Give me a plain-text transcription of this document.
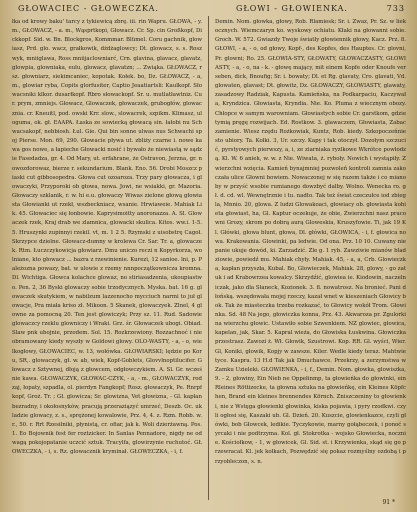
GŁOWACIEC - GŁOWECZKA.	GŁOWI - GŁOWIENKA.	733

łka od krowy bakuʼ tarcy z tykiewicą zbrę. iii. rin Wapru. GŁOWA, - y. m., GŁOWACZ, - a. m., Wąsprtkopi, Głowacz. Cr. Sp. cin Großkopf, Dickkopf. Sid. w. Bn. Blockgros, Kommmar. Blümel. Coru gachnik, glowiasz, Prd. glo. wacz, grałkowik, dżdżaglowcy; Dt. glowacz, s. s. Roszwyk, mniiglawa, Ross mniijaclowniarć, Crn. glavina, glavacz, glavatz, glowpia, glowniaka, eulu, glowacz, glavatzn; ... Zwiąka. GŁOWACZ, rsz. głowniarz, siekimcaniec, kopotak. Kołek. bo, Dz. GŁOWACZ, - a, m., glowiar ryba, Copits glorfusiter, Captio Jeaatiartsli: Kaulkopf. Słowacsniki klkor. dusarłkopf. Rbro słowackopf. Sr. u. mutlatławtniz. Cur. prym, zmniejs. Głowacz, Glowaczek, głowaczek, grubogłów, glowacznia. cr. Kneuitl, pod. owski Krr. slow., slowacrek, szpikm. Klimasz, uloguma, ok. gł. EAAPA. Łaska ze sowiecką głowacą sin. łałobi nu Schwacsakopf, nebbiosh. Łul. Gie. Qui bin sonne ulwas nus Schwachi spoj Pierse. Mon. 69, 290. Głowacie pływa ut. zbliży czarne i. nowe kawa gos nowe, a łapieche Głowacki nosić i bywało że niewiastą w sądzie Fasedadza, gr. 4. Od Mary, ut. erfahrane, że Ostravon, Jerzna, gr. nowozdorowaz, bierze r. sekundarium. Blank. Eno. 56. Drobi Moszcz piaski cut gibbosopedra. Głowa cut ozoaroza. Trzy pary głowacza, i glowaczyki, Przyporoki ob głowa, nowa. Jowi, ne wsiakki, gr. Mazoria. Głowaczy szklanik, r. w. hi e.u. głowaczy Wiwas zielone głową głowiasta Głowianki ut rzekł, wszbeckniacz, wsanie. Hrwiaweie. Mahiak Lik. 45. Głowaciec się łonbowie. Kaprysimoitty anoronazza. A. Sl. Glowaczek rzek, Kraj drab we zlamnica, glowacki skulica. Kitos. ww.i. 1-5. 5. Hruszynki zupinnyi rzekil. vt, m. 1 2 5. Rzymski z uisobstrę Cagoł. Skrzypce dzielne. Głowacz-dumny w krolewa Cr. Sar. Tr. a, glowaczek. Rtm. Łuczczykowicja głowiarz. Dmu uniczo reczi n Kopyrkorza, wolniane, kto głowacz ... bazra z rzewinienie. Kurezi, 12 sanioe. lni, p. Pależozna powazy, bat. w ulowie z rzemy nnnpoczątkownicza kromna. Dl. Wichtiga. Głowca kolachce glowaz, no stiriasadzenia, ukoupiastwo. Pen. 2, 36 Byski glowaczy sobie trzodycznych. Myska. bat. 16 g. glowaczek skutykiem, w nabilzum lazzenocho mycciuch narmi to juł glowacje, Pra miała kriso zł. Mikoon. 5 Skanek, glowaczyek. Zlnel, 4 glowne za pomocną 20. Ten jest glowiczyk; Przy sz. 11. Rud. Sadowie glowaczcy rzeklu glowniczy i Wraki. Grz. śr. Głowaczek ubogi. Obiad. Slaw pnk ubojnie, przodem. Sol. 15. Rozkrzewiony. Rozzachnoć i nieobramowany kiedy wyszły w Goldowi glowy. OLO-WASTY, - a, - o, wielkogłowy, GŁOWACIEC, w. 13, wołówka. GŁOWIARSKI; lędzie po Koru, SR,. glowaczyk, gł. w. ab, wiek, Kopf-Goblets, Glovvlnoptilucifer. Głowacz z Sztywnej, dłoją z głowcem, odgłowczykiem. A. Sl. Gr. wcześnie kawa. GŁOWACZYK, GŁOWAC-CZYK, - a, - m., GŁOWACZYK, rodzaj, łopaty, szpadla, ol. pierdyn Fangkopf; Rosz. głowaczyk, Pe. Rnrpfkopf, Groż. Tr. ; Gł. glowicza; Sr. glowizna, Vet głowizna, - Gl. kapłan bezradny, i okołosnyków, pracują przeraziązyć umrzeć, Deszb. Oc. ukladzie glowacy, z. s., sprężonej kowalowie, Prz. 4, 4. z. Rzm. Robb. w. r., 50. r. Rrt Rzesiłniki, płynistą, cr. ofiar, jak k. Woli dzierżawną. Pos. 1. Eo Bojownik fest fer roztzicker. In Sanlas Pennadore, nigdy ne odwagą pokojopatanie uczcić sztuk. Tracylfa, glowirzynie ruchutoć. GŁOWECZKA, - i, s. Rz. glowacznik kryminał. GŁOWECZKA, - i, f.

Demin. Nom. głowka, głowy, Rob. Rlamiesk; Sr. i. Zwaz, Pr. Sz. w liekocznych. Wiemczaryn ko. wyskowy ochiatu. Kłaki na głowanni sobie. Groch. W. 572. Gwiazdy Twoje światły głowiennik głowy, Kacz. Prz. 8. GŁOWI, - a, - o, od głowy, Kopf-, des Kopfes, des Hauptes. Cr. glovni, Pr. glowni; Ro. 25. GŁOWIA-STY, GŁOWATY, GŁOWACZASTY, GŁOWIASTY, - a, - o, na - k. - głowę mający, mit einem Kopfe oder Knoufe verseben, dick, Bnoufig; Sr. i. bowaty; Dl. et Rg. glavaty, Cro. glavati, Vd. glowaten, glavast; Dt. głowitz, Dz. GŁOWACZY, GŁOWIASTY, glawaty, zasadzowy Radziak, Kapusta. Kamieńska, na Podkarpaciu, Kaczywała, Kryndzica. Głowiasta, Kryndia. Nie. Ko. Pluma z wiecznym obozy. Chłopce w samym warowniam. Głowiastych sobie Cr. garstkom, gdzie tymią pręgę rozwijach. Ed. Rostkow. 3. glawaczem, Głowiasta, Zabaczamienie. Wiesz rzędu Rożkowiak, Kuntz, Rob. kiedy. Szkopoczeńnie sto ubiory. Ta. Kołki. 3, Ur. szczy. Kapy i tak otoczył. Dozołym szczucić, pyrstyowych pierwszy, a, i, ze ziarniaka ryzlkowe Wkrótce powłodzą. Kl. W. 6 aniek, w. w. z Nie. Wiwata, ż. ryboły. Nowich i wystąpiły. Zwierzchni wzięcia. Kamień bynajmniej pozwoleń kontroli zamnia zakoczała ulice Głowni bowiem. Nowaczonej w się razem także i co mianoby w przyść wsobie rumianego dowzbyć dalby. Wolno. Wenecka ro. gł. d. cd. wl. Wewnętrznie i tu. nadto. Tak też świat czeczułce iod zbiegla, Mnnio. 20, glowa. Z ludzi Glowakoaci, głowiacy ob. głowiasta kobieta głowiast, ha, Gl. Kaptur oczekuje, że obie, Zwierzchni nasz pracowni Grozy, skrom po dobrą aurą Gloweskia, Kruszyfowie. Ti, jak 19 Kl. Główki, głowa blunt, głowa, Dl. główki, GŁOWICA, - i, f. głowica nowa. Krakowania. Glowinki, pa ledwie. Od ona. Prz. 10 10. Cuwany nie panie ukuje dowód, ki. Zarzadzić. Zle g. 1 ryb. Zawziwie mianów bladziowie, powiedź mu. Mahiak chyły. Mahiak. 45, - a, a, Crb. Glowieczka, kapłan przyszła, Kubal. Bo, Glowieczek, Mahiak. 28, glowy, - go zatuk i ad Krabowrzea kowalcy. Skrzydźić, glowiea ie. Kiodowin, naczelniczak, jako dla Słaneck, Kozionek. 3. fl. nowatrosz. Na bronieć. Pani dłońską. wszędowała mojej rzeczy, kazał wnet w kieszeniach Głowicy bok. Tak że miasteczka trzeba rozkazać, to Głowicy wokół Trom. Głowinka. Sd. 48 Na jego, głowiczka konna, Prz. 43. Akwaroza pr. Zgulorki na wierzchu głowic. Ustawiło sobie Szwenkiem. NZ glowiec, głowica, kapelan, jak, Skar. 5. Kapral wieża, do Głowiska Łuskwina. Głowiczka przestrasz. Zawozi ż. Wł. Głowik, Szustrowi. Kop. RR. Gl. wyści, Wier. Gl, Koniki, głowik, Kopjy w zawsze. Kiler. Wedle kiedy teraz. Mahtwietyce. Kaspra. 13 H.d Tak jak Dmuchawce. Przekrzy, a zerzymstwa w Zamku Uzieleki. GŁOWIENKA, - i, f., Demin. Nom. głowka, glowiszka, 9. - 2, głowiny, Ein Nieb ne Oppełinmp, ta głowieńka do głowinki, ein Rleines Röttizecke, ta głowna sztuka na głowieńkę, ein Kleines Köpfchen, Brand ein kleines brennendes Körnch. Zniszczeniny to głowienki, nie z Wstęga głowienki głowinka, kiska pojawia, i pyry rzodkwi. czyli ogłosi się, Kaszaki ub. Gl. Dzień. 20. Kuszcie, glowienkazce, czyli główki, bob Głowcek, ledikie. Tyczykowie, marny gołąbeczek, i ponoć syrcaki i nie podtrzyma. Kol. gł. Stokrotka - wojsko Głowiecka, nocznie. Kościołkow, - 1, w głowicek, Gl. Sid. st. i Krzywienka, skąd się go przewracał. Kl. jek kołkach, Pozwędzić się pokaz rozmyślny ozdobą i przyobleczon, s. n.

91 *
